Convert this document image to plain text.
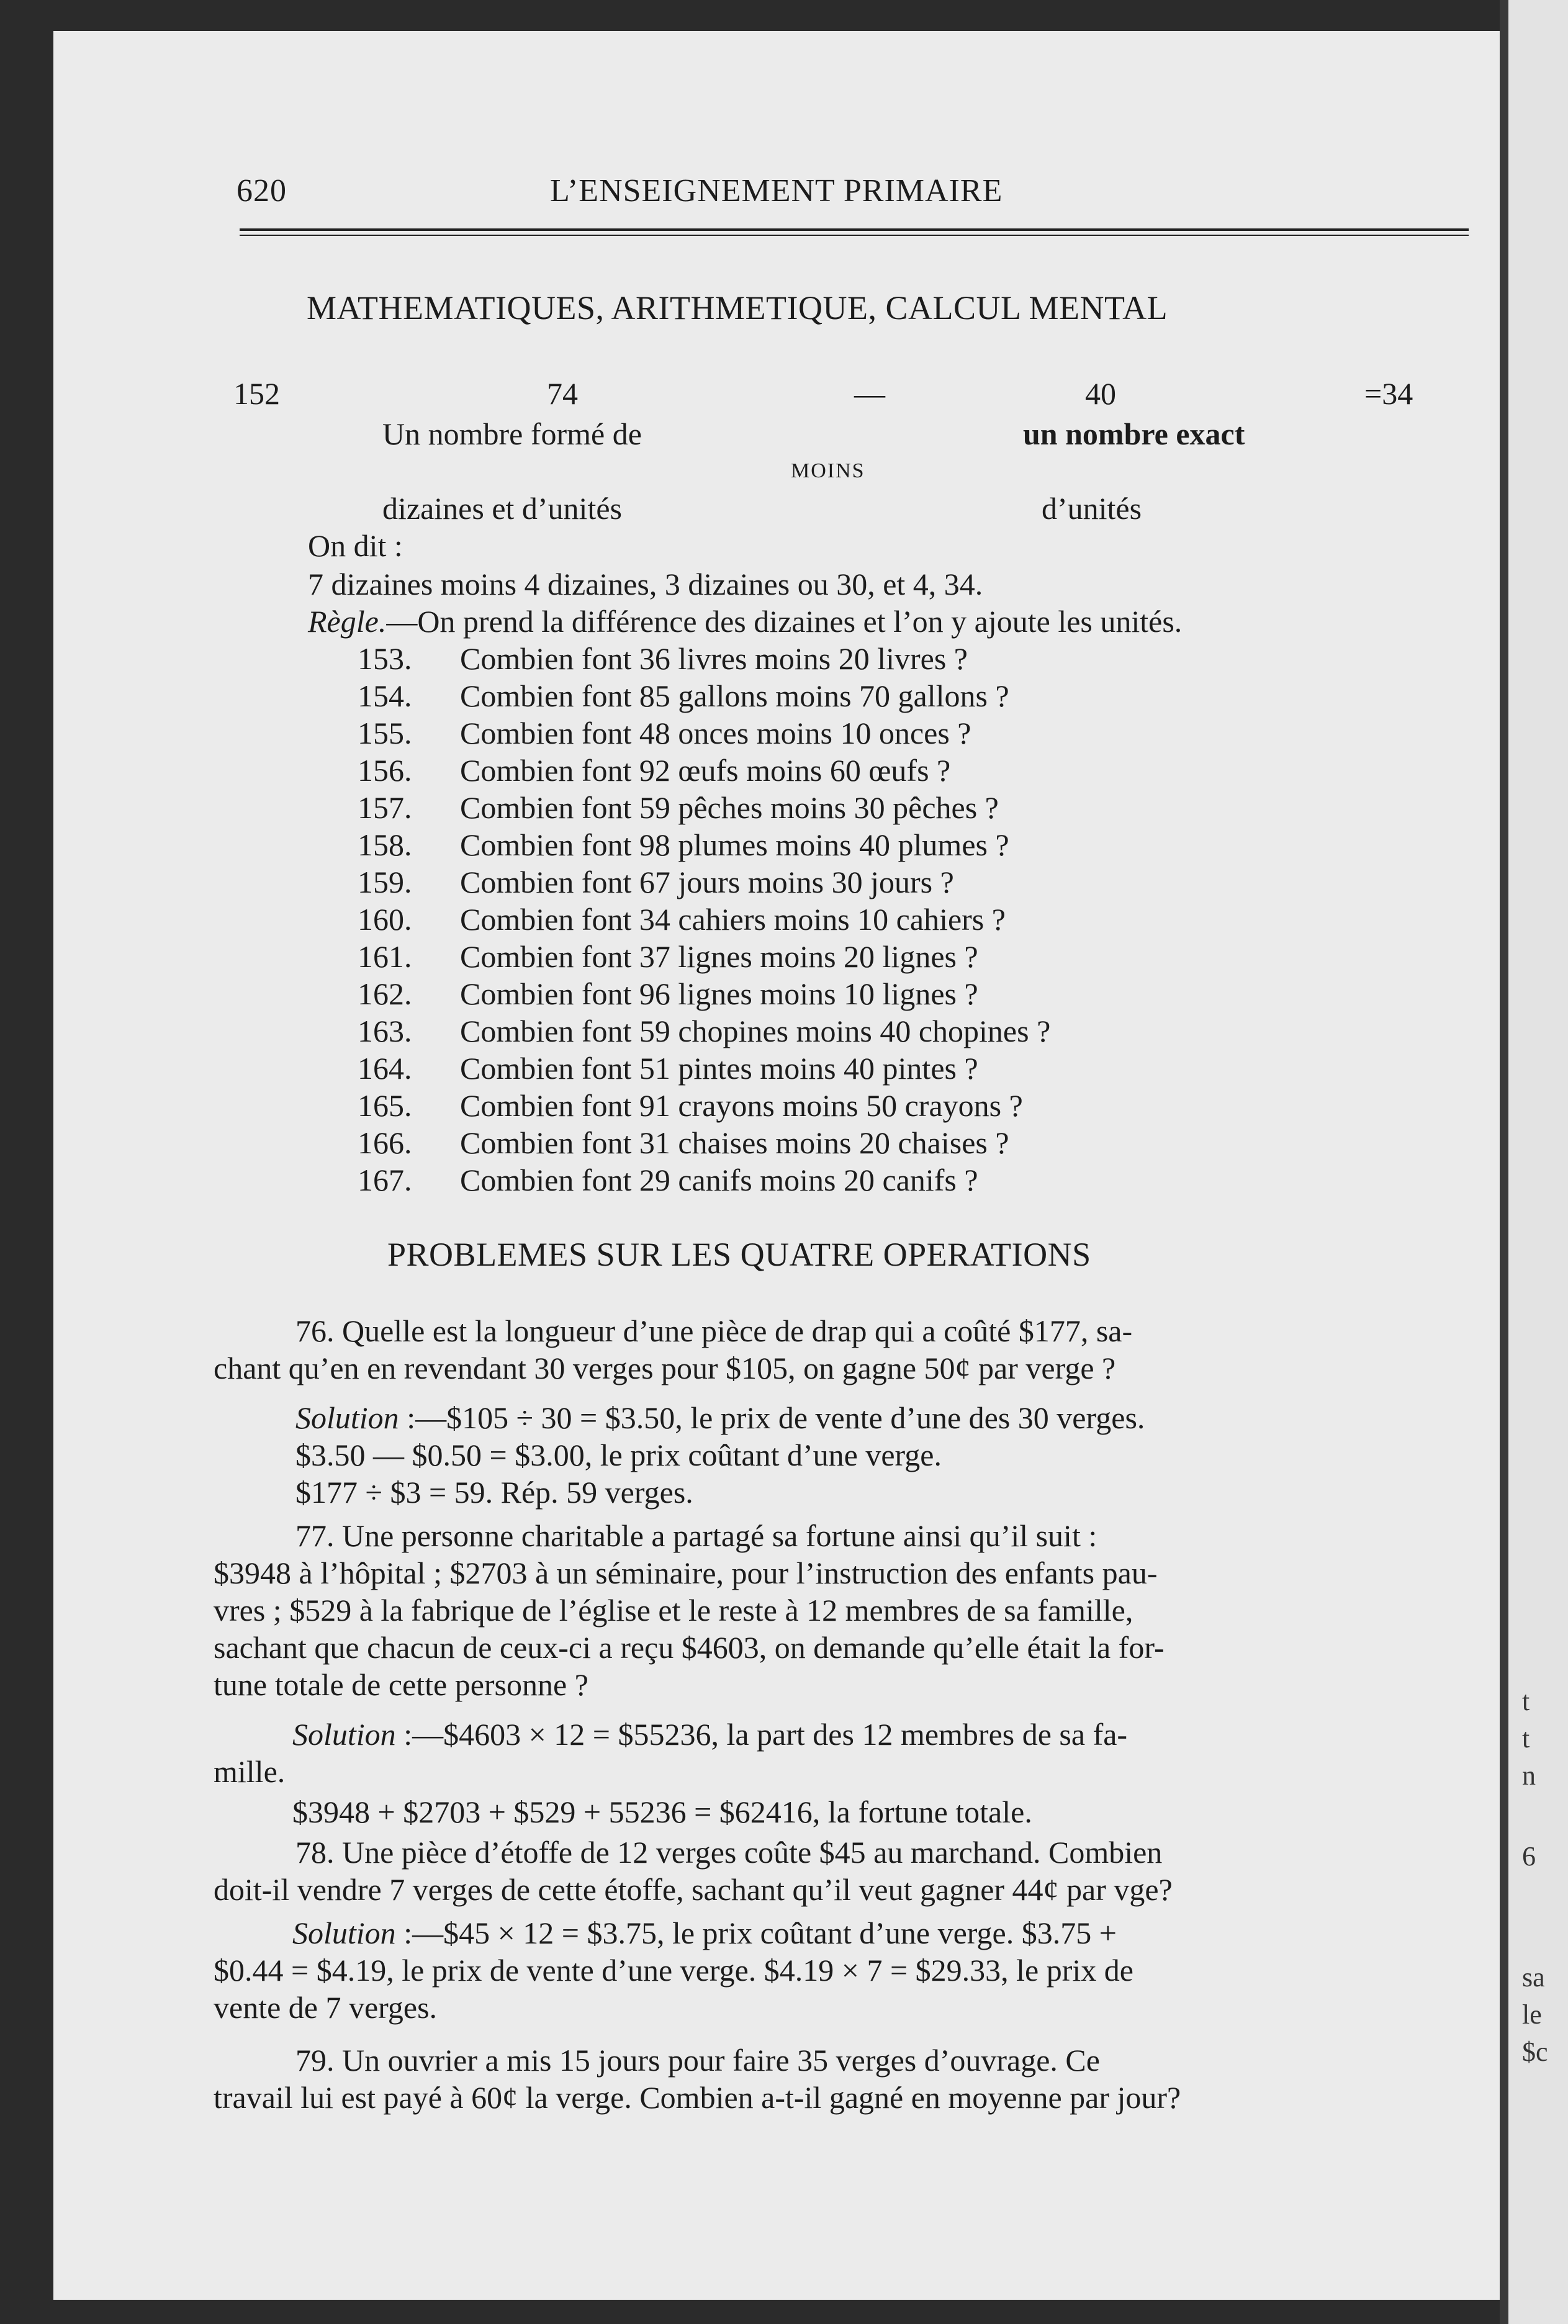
620	L’ENSEIGNEMENT PRIMAIRE
MATHEMATIQUES, ARITHMETIQUE, CALCUL MENTAL
152	74	—	40	=34
Un nombre formé de	un nombre exact
MOINS
dizaines et d’unités	d’unités
On dit :
7 dizaines moins 4 dizaines, 3 dizaines ou 30, et 4, 34.
Règle.—On prend la différence des dizaines et l’on y ajoute les unités.
153. Combien font 36 livres moins 20 livres ?
154. Combien font 85 gallons moins 70 gallons ?
155. Combien font 48 onces moins 10 onces ?
156. Combien font 92 œufs moins 60 œufs ?
157. Combien font 59 pêches moins 30 pêches ?
158. Combien font 98 plumes moins 40 plumes ?
159. Combien font 67 jours moins 30 jours ?
160. Combien font 34 cahiers moins 10 cahiers ?
161. Combien font 37 lignes moins 20 lignes ?
162. Combien font 96 lignes moins 10 lignes ?
163. Combien font 59 chopines moins 40 chopines ?
164. Combien font 51 pintes moins 40 pintes ?
165. Combien font 91 crayons moins 50 crayons ?
166. Combien font 31 chaises moins 20 chaises ?
167. Combien font 29 canifs moins 20 canifs ?
PROBLEMES SUR LES QUATRE OPERATIONS
76. Quelle est la longueur d’une pièce de drap qui a coûté $177, sa-
chant qu’en en revendant 30 verges pour $105, on gagne 50¢ par verge ?
Solution :—$105 ÷ 30 = $3.50, le prix de vente d’une des 30 verges.
$3.50 — $0.50 = $3.00, le prix coûtant d’une verge.
$177 ÷ $3 = 59. Rép. 59 verges.
77. Une personne charitable a partagé sa fortune ainsi qu’il suit :
$3948 à l’hôpital ; $2703 à un séminaire, pour l’instruction des enfants pau-
vres ; $529 à la fabrique de l’église et le reste à 12 membres de sa famille,
sachant que chacun de ceux-ci a reçu $4603, on demande qu’elle était la for-
tune totale de cette personne ?
Solution :—$4603 × 12 = $55236, la part des 12 membres de sa fa-
mille.
$3948 + $2703 + $529 + 55236 = $62416, la fortune totale.
78. Une pièce d’étoffe de 12 verges coûte $45 au marchand. Combien
doit-il vendre 7 verges de cette étoffe, sachant qu’il veut gagner 44¢ par vge?
Solution :—$45 × 12 = $3.75, le prix coûtant d’une verge. $3.75 +
$0.44 = $4.19, le prix de vente d’une verge. $4.19 × 7 = $29.33, le prix de
vente de 7 verges.
79. Un ouvrier a mis 15 jours pour faire 35 verges d’ouvrage. Ce
travail lui est payé à 60¢ la verge. Combien a-t-il gagné en moyenne par jour?
t
t
n
6
sa
le
$c
